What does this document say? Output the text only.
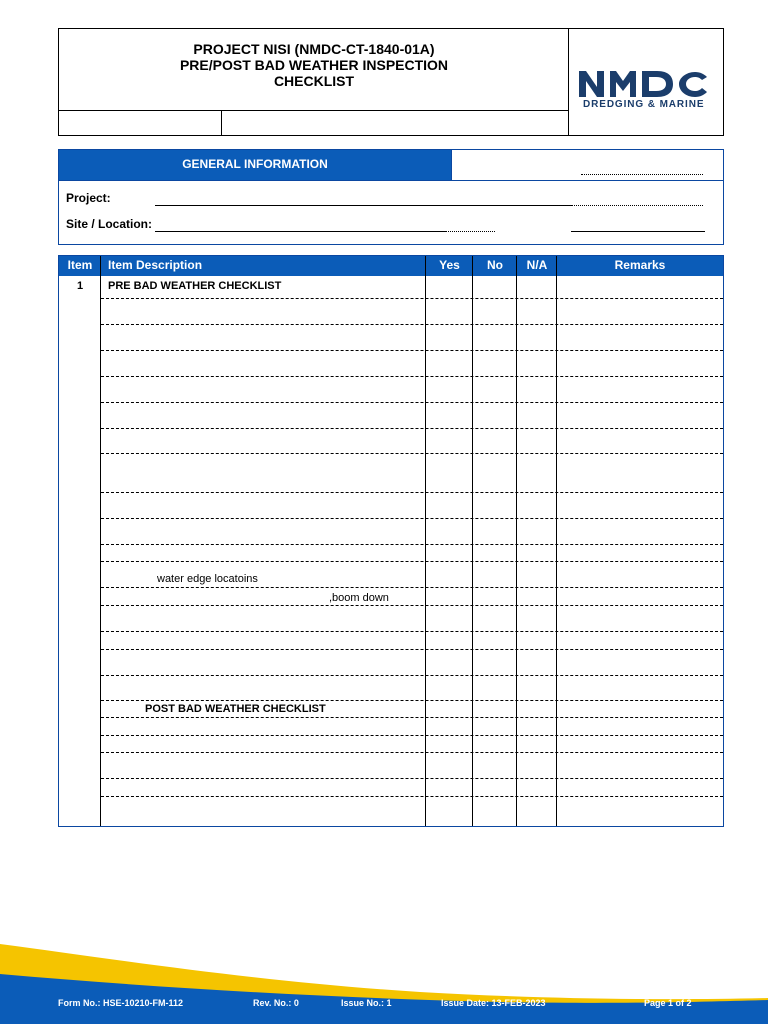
PROJECT NISI (NMDC-CT-1840-01A)
PRE/POST BAD WEATHER INSPECTION
CHECKLIST
DREDGING & MARINE
GENERAL INFORMATION
Project:
Site / Location:
Item	Item Description	Yes	No	N/A	Remarks
1	PRE BAD WEATHER CHECKLIST
water edge locatoins
,boom down
POST BAD WEATHER CHECKLIST
Form No.: HSE-10210-FM-112	Rev. No.: 0	Issue No.: 1	Issue Date: 13-FEB-2023	Page 1 of 2
